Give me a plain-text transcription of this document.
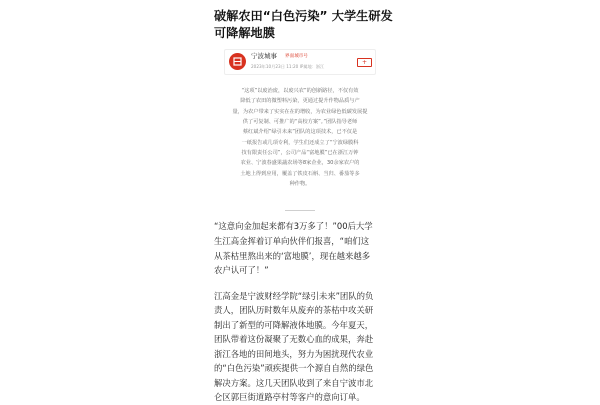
破解农田“白色污染” 大学生研发
可降解地膜
宁波城事 界面城市号
2023年10月23日 11:20 IP属地：浙江
+

“这项”以废治废，以废兴农”的创新路径，不仅有效
降低了农田的微塑料污染，更通过提升作物品质与产
量，为农户带来了实实在在的增收，为农业绿色低碳发展提
供了可复制、可推广的“高校方案”。”团队指导老师
蔡红斌介绍”绿引未来”团队的这项技术，已不仅是
一纸报告或几项专利，学生们还成立了“宁波绿膜科
技有限责任公司”，公司产品“富地膜”已在浙江万钟
农业、宁波春盛果蔬农场等8家企业，30余家农户的
土地上得到应用，覆盖了铁皮石斛、当归、番茄等多
种作物。

“这意向金加起来都有3万多了！”00后大学
生江高金挥着订单向伙伴们报喜，“咱们这
从茶枯里熬出来的‘富地膜’，现在越来越多
农户认可了！”

江高金是宁波财经学院“绿引未来”团队的负
责人，团队历时数年从废弃的茶枯中攻关研
制出了新型的可降解液体地膜。今年夏天，
团队带着这份凝聚了无数心血的成果，奔赴
浙江各地的田间地头，努力为困扰现代农业
的“白色污染”顽疾提供一个源自自然的绿色
解决方案。这几天团队收到了来自宁波市北
仑区郭巨街道路亭村等客户的意向订单。
